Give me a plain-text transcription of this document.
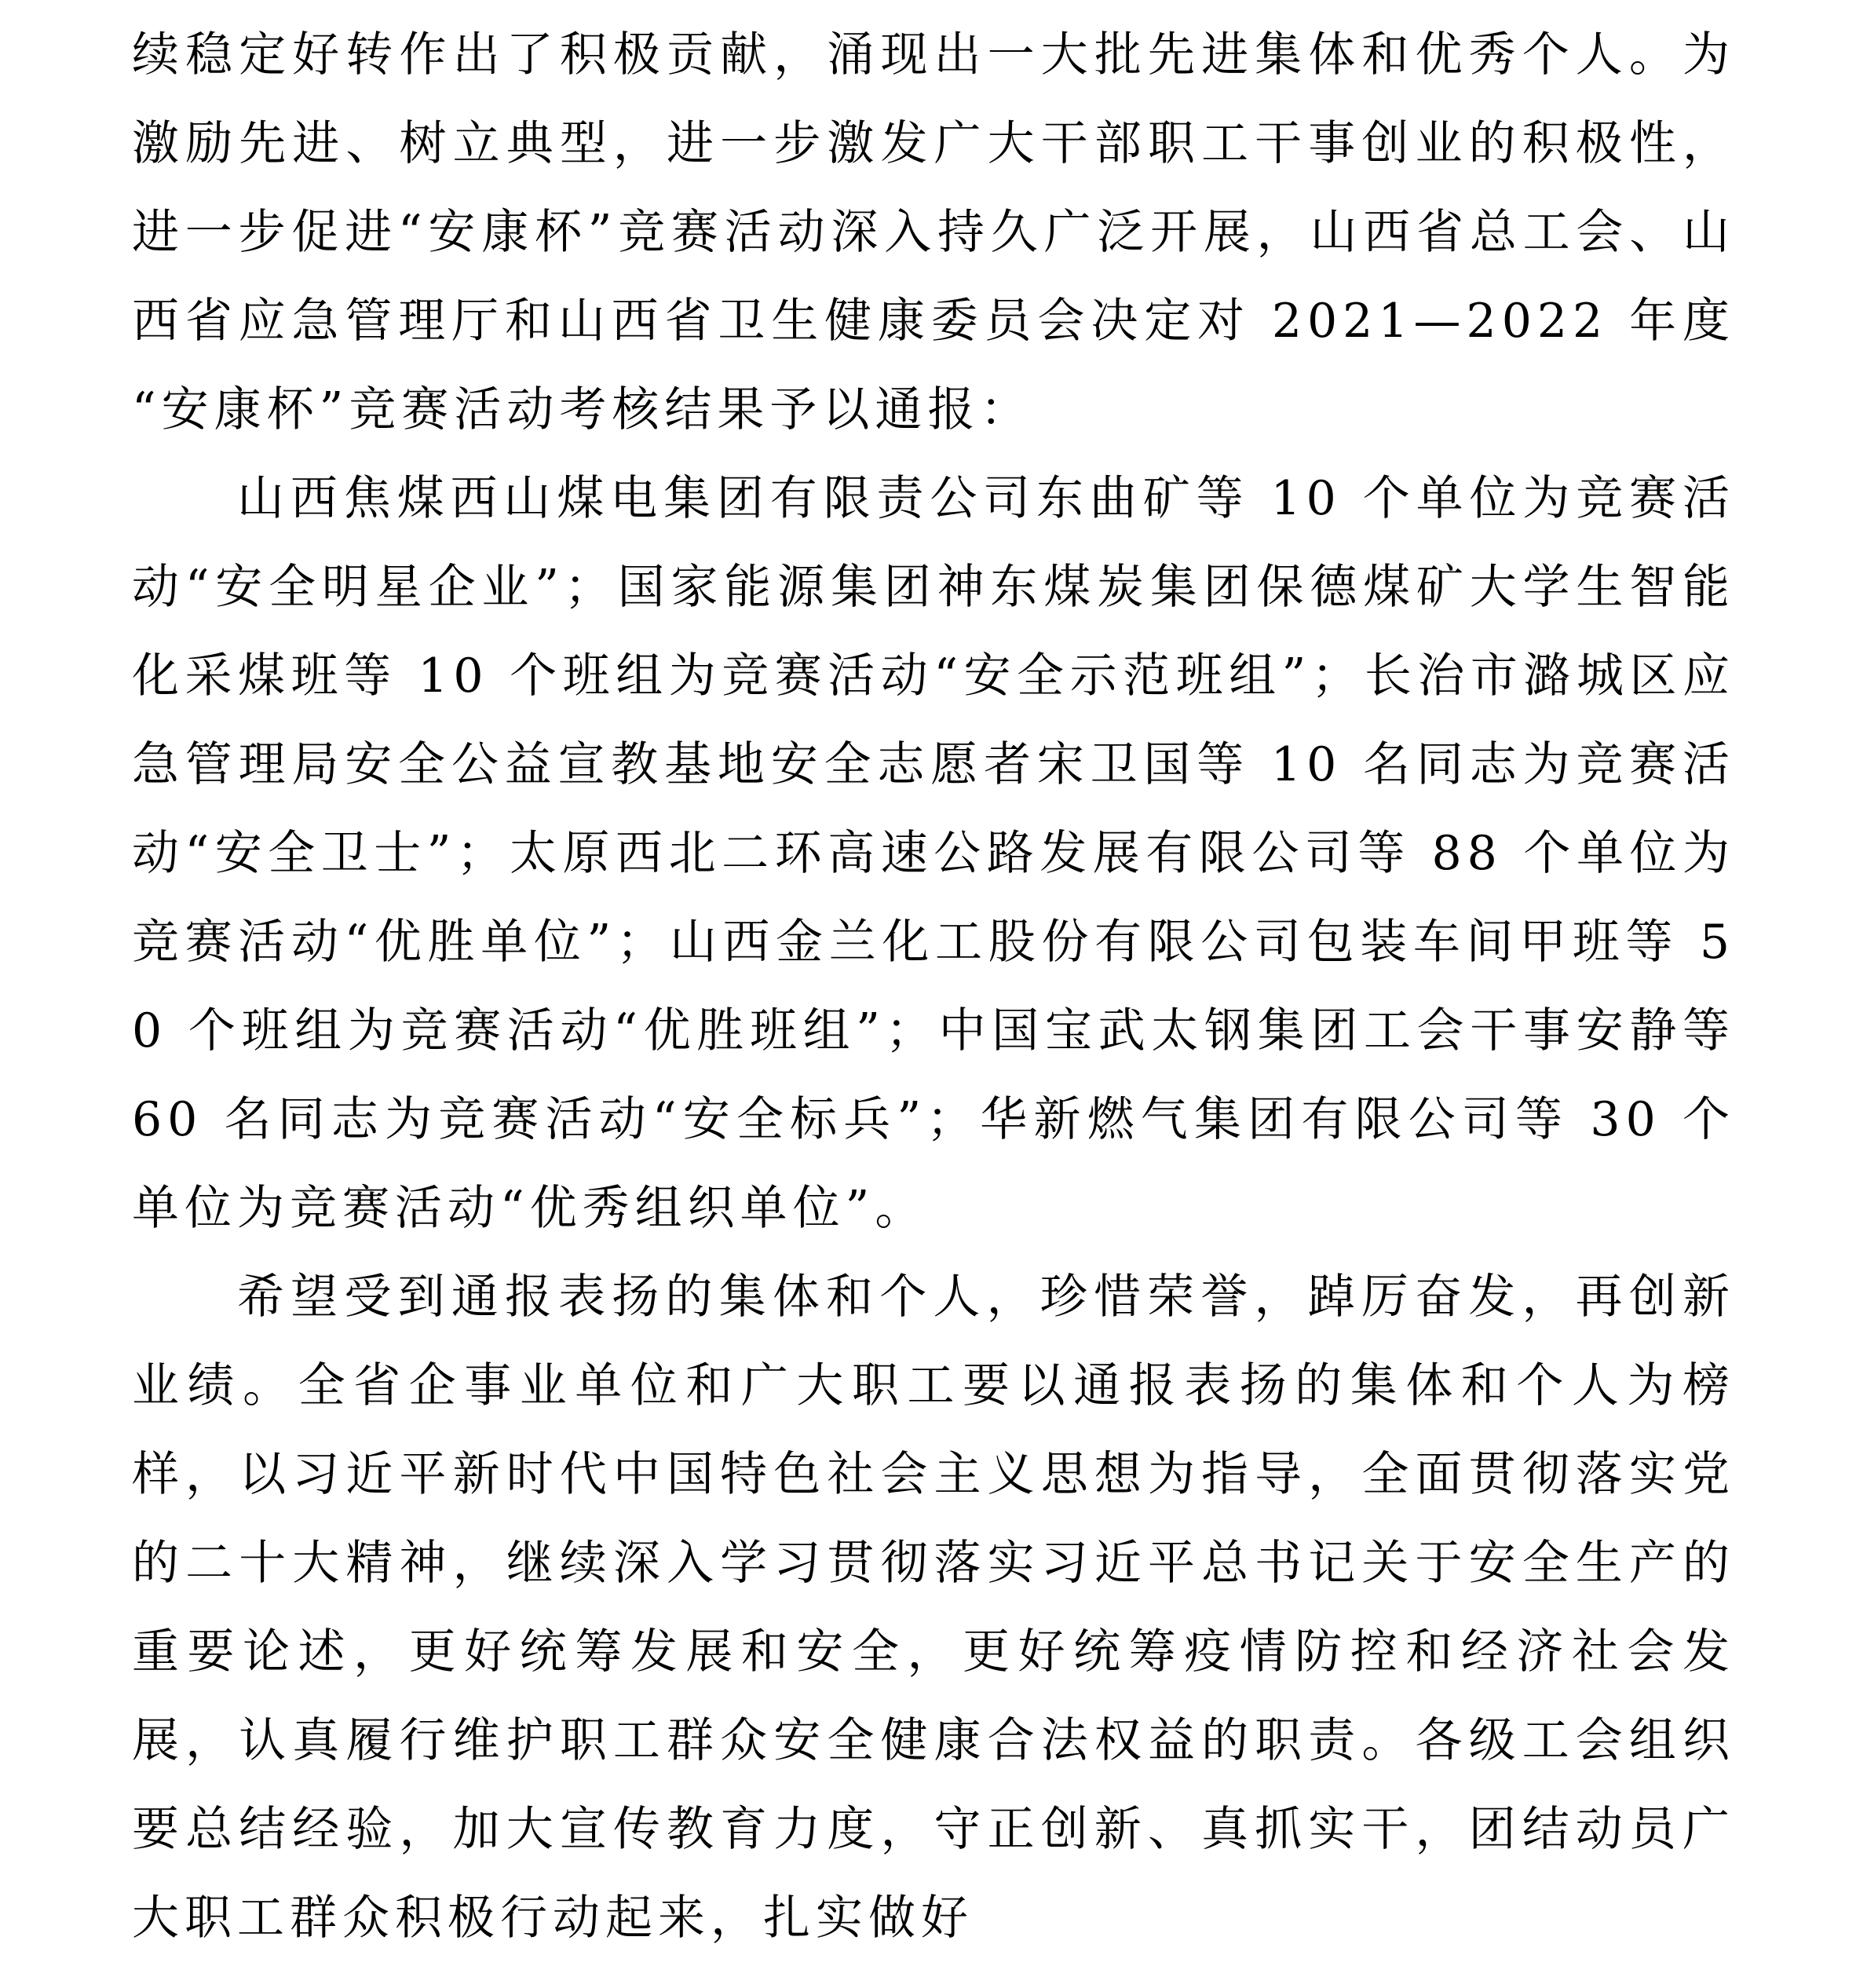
续稳定好转作出了积极贡献，涌现出一大批先进集体和优秀个人。为激励先进、树立典型，进一步激发广大干部职工干事创业的积极性，进一步促进“安康杯”竞赛活动深入持久广泛开展，山西省总工会、山西省应急管理厅和山西省卫生健康委员会决定对 2021—2022 年度“安康杯”竞赛活动考核结果予以通报：

山西焦煤西山煤电集团有限责公司东曲矿等 10 个单位为竞赛活动“安全明星企业”；国家能源集团神东煤炭集团保德煤矿大学生智能化采煤班等 10 个班组为竞赛活动“安全示范班组”；长治市潞城区应急管理局安全公益宣教基地安全志愿者宋卫国等 10 名同志为竞赛活动“安全卫士”；太原西北二环高速公路发展有限公司等 88 个单位为竞赛活动“优胜单位”；山西金兰化工股份有限公司包装车间甲班等 50 个班组为竞赛活动“优胜班组”；中国宝武太钢集团工会干事安静等 60 名同志为竞赛活动“安全标兵”；华新燃气集团有限公司等 30 个单位为竞赛活动“优秀组织单位”。

希望受到通报表扬的集体和个人，珍惜荣誉，踔厉奋发，再创新业绩。全省企事业单位和广大职工要以通报表扬的集体和个人为榜样，以习近平新时代中国特色社会主义思想为指导，全面贯彻落实党的二十大精神，继续深入学习贯彻落实习近平总书记关于安全生产的重要论述，更好统筹发展和安全，更好统筹疫情防控和经济社会发展，认真履行维护职工群众安全健康合法权益的职责。各级工会组织要总结经验，加大宣传教育力度，守正创新、真抓实干，团结动员广大职工群众积极行动起来，扎实做好
